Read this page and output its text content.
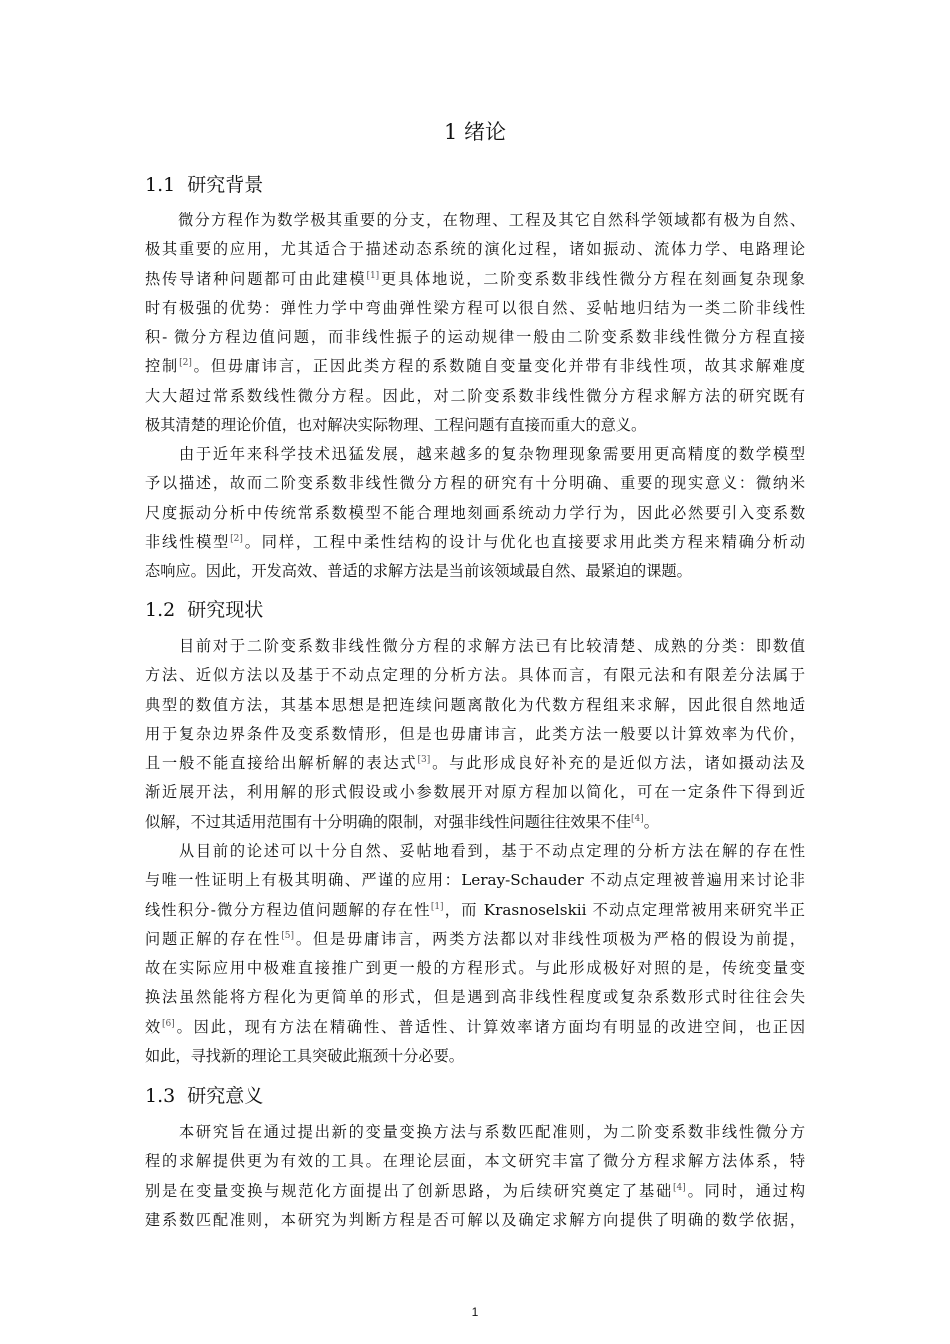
1 绪论
1.1 研究背景
　　微分方程作为数学极其重要的分支，在物理、工程及其它自然科学领域都有极为自然、
极其重要的应用，尤其适合于描述动态系统的演化过程，诸如振动、流体力学、电路理论
热传导诸种问题都可由此建模[1]更具体地说，二阶变系数非线性微分方程在刻画复杂现象
时有极强的优势：弹性力学中弯曲弹性梁方程可以很自然、妥帖地归结为一类二阶非线性
积- 微分方程边值问题，而非线性振子的运动规律一般由二阶变系数非线性微分方程直接
控制[2]。但毋庸讳言，正因此类方程的系数随自变量变化并带有非线性项，故其求解难度
大大超过常系数线性微分方程。因此，对二阶变系数非线性微分方程求解方法的研究既有
极其清楚的理论价值，也对解决实际物理、工程问题有直接而重大的意义。
　　由于近年来科学技术迅猛发展，越来越多的复杂物理现象需要用更高精度的数学模型
予以描述，故而二阶变系数非线性微分方程的研究有十分明确、重要的现实意义：微纳米
尺度振动分析中传统常系数模型不能合理地刻画系统动力学行为，因此必然要引入变系数
非线性模型[2]。同样，工程中柔性结构的设计与优化也直接要求用此类方程来精确分析动
态响应。因此，开发高效、普适的求解方法是当前该领域最自然、最紧迫的课题。
1.2 研究现状
　　目前对于二阶变系数非线性微分方程的求解方法已有比较清楚、成熟的分类：即数值
方法、近似方法以及基于不动点定理的分析方法。具体而言，有限元法和有限差分法属于
典型的数值方法，其基本思想是把连续问题离散化为代数方程组来求解，因此很自然地适
用于复杂边界条件及变系数情形，但是也毋庸讳言，此类方法一般要以计算效率为代价，
且一般不能直接给出解析解的表达式[3]。与此形成良好补充的是近似方法，诸如摄动法及
渐近展开法，利用解的形式假设或小参数展开对原方程加以简化，可在一定条件下得到近
似解，不过其适用范围有十分明确的限制，对强非线性问题往往效果不佳[4]。
　　从目前的论述可以十分自然、妥帖地看到，基于不动点定理的分析方法在解的存在性
与唯一性证明上有极其明确、严谨的应用：Leray-Schauder 不动点定理被普遍用来讨论非
线性积分-微分方程边值问题解的存在性[1]，而 Krasnoselskii 不动点定理常被用来研究半正
问题正解的存在性[5]。但是毋庸讳言，两类方法都以对非线性项极为严格的假设为前提，
故在实际应用中极难直接推广到更一般的方程形式。与此形成极好对照的是，传统变量变
换法虽然能将方程化为更简单的形式，但是遇到高非线性程度或复杂系数形式时往往会失
效[6]。因此，现有方法在精确性、普适性、计算效率诸方面均有明显的改进空间，也正因
如此，寻找新的理论工具突破此瓶颈十分必要。
1.3 研究意义
　　本研究旨在通过提出新的变量变换方法与系数匹配准则，为二阶变系数非线性微分方
程的求解提供更为有效的工具。在理论层面，本文研究丰富了微分方程求解方法体系，特
别是在变量变换与规范化方面提出了创新思路，为后续研究奠定了基础[4]。同时，通过构
建系数匹配准则，本研究为判断方程是否可解以及确定求解方向提供了明确的数学依据，
1
